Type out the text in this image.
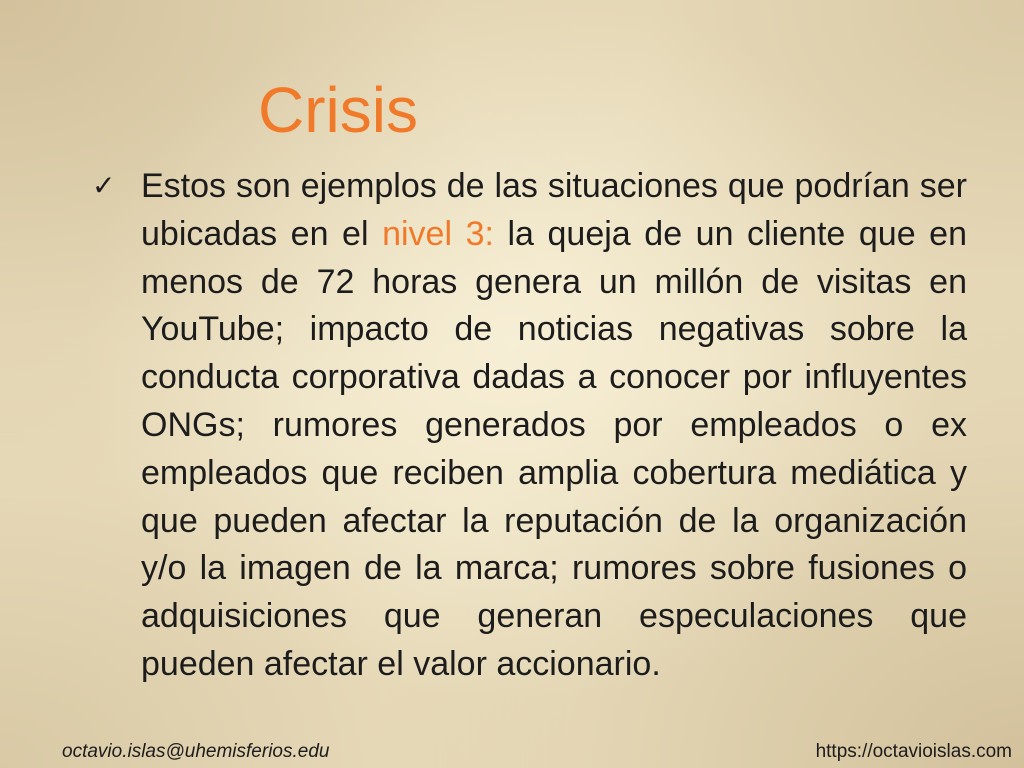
Crisis
✓ Estos son ejemplos de las situaciones que podrían ser ubicadas en el nivel 3: la queja de un cliente que en menos de 72 horas genera un millón de visitas en YouTube; impacto de noticias negativas sobre la conducta corporativa dadas a conocer por influyentes ONGs; rumores generados por empleados o ex empleados que reciben amplia cobertura mediática y que pueden afectar la reputación de la organización y/o la imagen de la marca; rumores sobre fusiones o adquisiciones que generan especulaciones que pueden afectar el valor accionario.

octavio.islas@uhemisferios.edu	https://octavioislas.com
